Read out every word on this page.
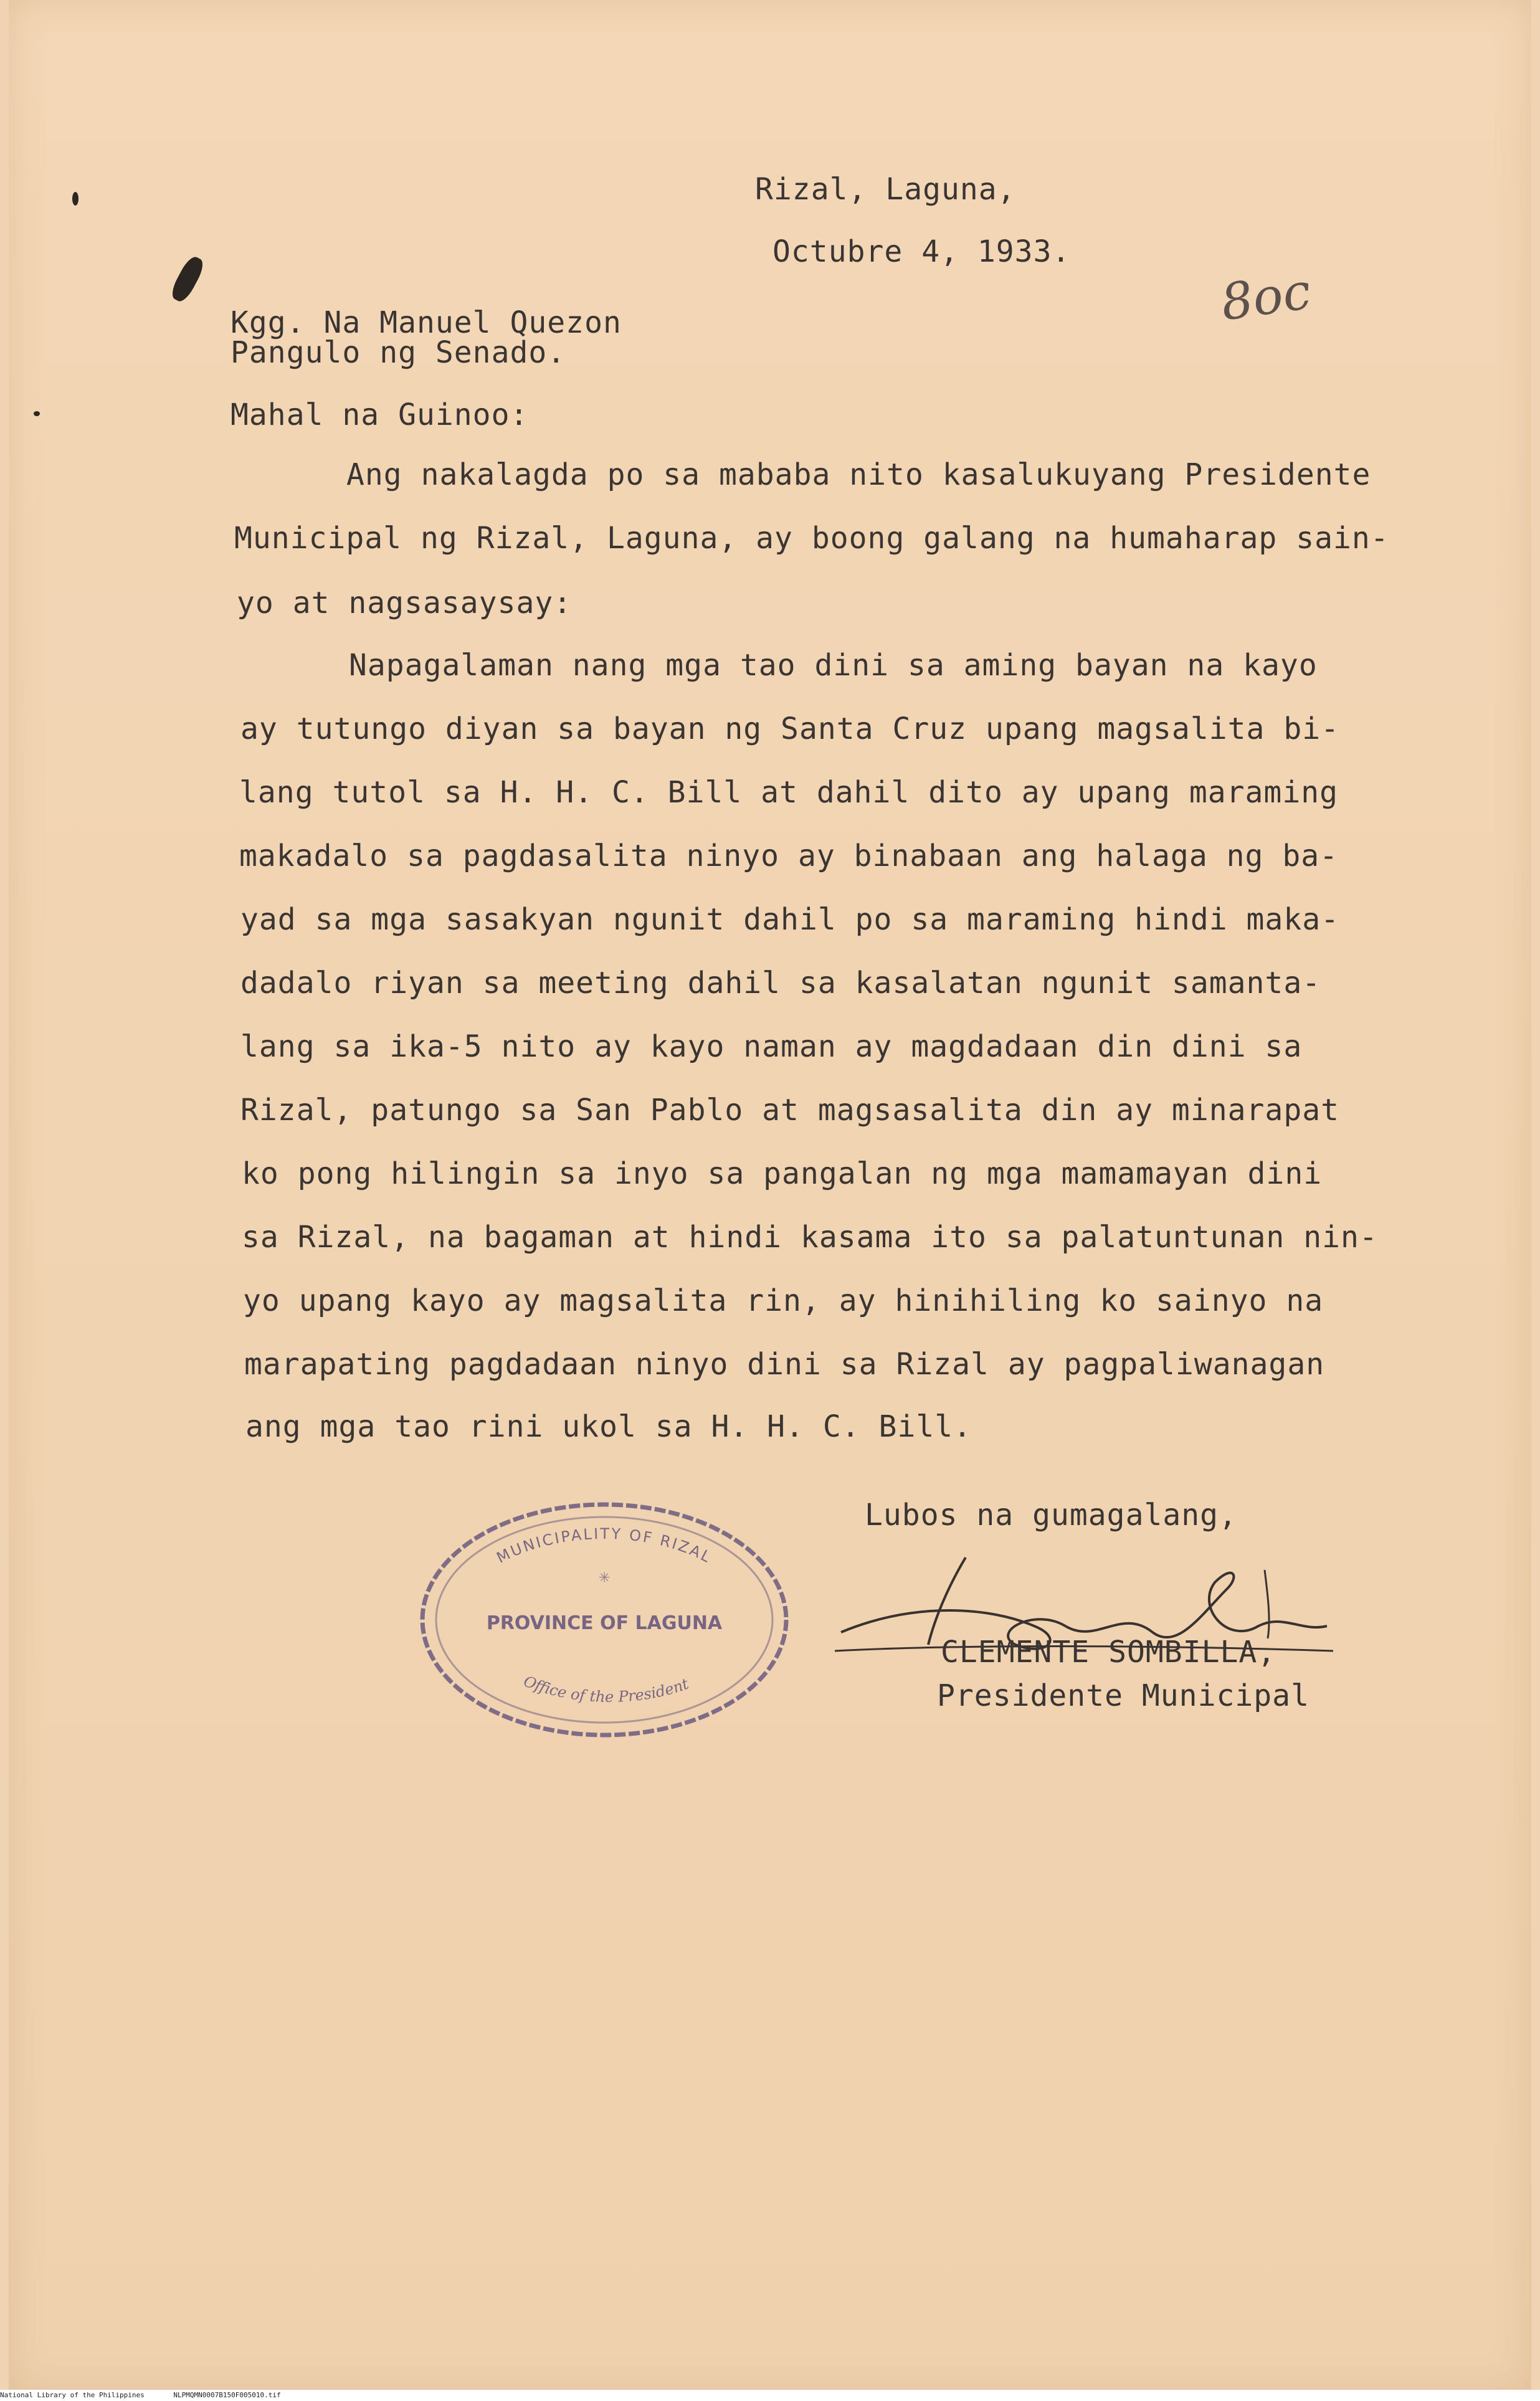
Rizal, Laguna,

Octubre 4, 1933.

8oc

Kgg. Na Manuel Quezon

Pangulo ng Senado.

Mahal na Guinoo:

Ang nakalagda po sa mababa nito kasalukuyang Presidente

Municipal ng Rizal, Laguna, ay boong galang na humaharap sain-

yo at nagsasaysay:

Napagalaman nang mga tao dini sa aming bayan na kayo

ay tutungo diyan sa bayan ng Santa Cruz upang magsalita bi-

lang tutol sa H. H. C. Bill at dahil dito ay upang maraming

makadalo sa pagdasalita ninyo ay binabaan ang halaga ng ba-

yad sa mga sasakyan ngunit dahil po sa maraming hindi maka-

dadalo riyan sa meeting dahil sa kasalatan ngunit samanta-

lang sa ika-5 nito ay kayo naman ay magdadaan din dini sa

Rizal, patungo sa San Pablo at magsasalita din ay minarapat

ko pong hilingin sa inyo sa pangalan ng mga mamamayan dini

sa Rizal, na bagaman at hindi kasama ito sa palatuntunan nin-

yo upang kayo ay magsalita rin, ay hinihiling ko sainyo na

marapating pagdadaan ninyo dini sa Rizal ay pagpaliwanagan

ang mga tao rini ukol sa H. H. C. Bill.

Lubos na gumagalang,

MUNICIPALITY OF RIZAL
PROVINCE OF LAGUNA
Office of the President
✳

CLEMENTE SOMBILLA,

Presidente Municipal

National Library of the Philippines	NLPMQMN0007B150F005010.tif
